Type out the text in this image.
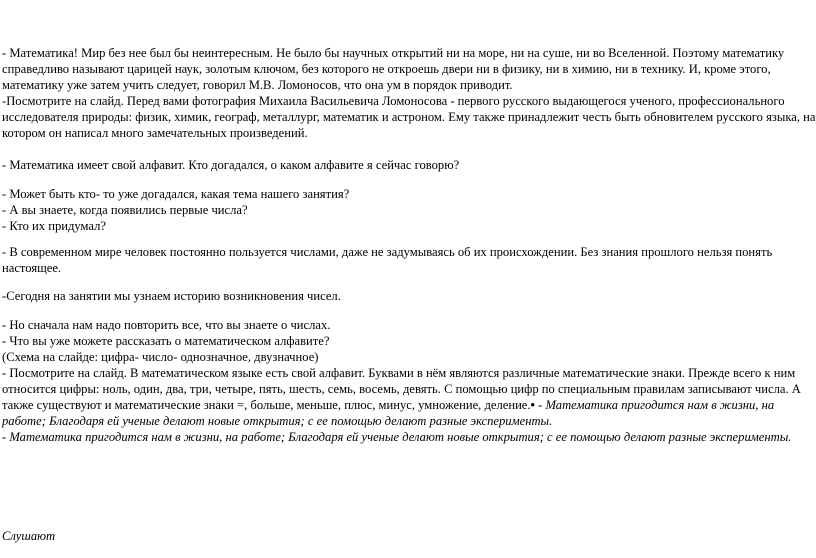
- Математика! Мир без нее был бы неинтересным. Не было бы научных открытий ни на море, ни на суше, ни во Вселенной. Поэтому математику

справедливо называют царицей наук, золотым ключом, без которого не откроешь двери ни в физику, ни в химию, ни в технику. И, кроме этого,

математику уже затем учить следует, говорил М.В. Ломоносов, что она ум в порядок приводит.

-Посмотрите на слайд. Перед вами фотография Михаила Васильевича Ломоносова - первого русского выдающегося ученого, профессионального

исследователя природы: физик, химик, географ, металлург, математик и астроном. Ему также принадлежит честь быть обновителем русского языка, на

котором он написал много замечательных произведений.

- Математика имеет свой алфавит. Кто догадался, о каком алфавите я сейчас говорю?

- Может быть кто- то уже догадался, какая тема нашего занятия?

- А вы знаете, когда появились первые числа?

- Кто их придумал?

- В современном мире человек постоянно пользуется числами, даже не задумываясь об их происхождении. Без знания прошлого нельзя понять

настоящее.

-Сегодня на занятии мы узнаем историю возникновения чисел.

- Но сначала нам надо повторить все, что вы знаете о числах.

- Что вы уже можете рассказать о математическом алфавите?

(Схема на слайде: цифра- число- однозначное, двузначное)

- Посмотрите на слайд. В математическом языке есть свой алфавит. Буквами в нём являются различные математические знаки. Прежде всего к ним

относится цифры: ноль, один, два, три, четыре, пять, шесть, семь, восемь, девять. С помощью цифр по специальным правилам записывают числа. А

также существуют и математические знаки =, больше, меньше, плюс, минус, умножение, деление.• - Математика пригодится нам в жизни, на

работе; Благодаря ей ученые делают новые открытия; с ее помощью делают разные эксперименты.

- Математика пригодится нам в жизни, на работе; Благодаря ей ученые делают новые открытия; с ее помощью делают разные эксперименты.

Слушают
